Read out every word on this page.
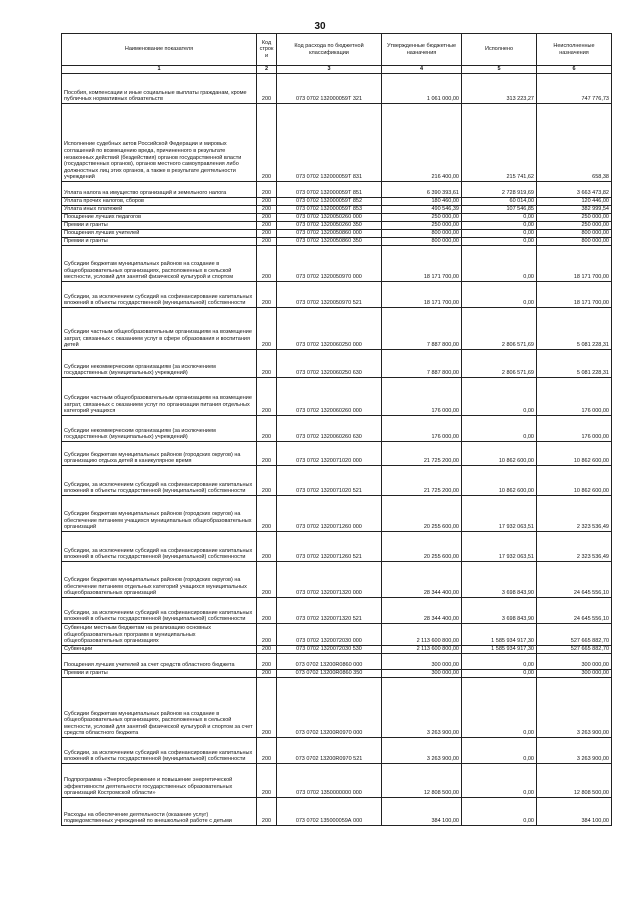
30
Наименование показателя	Код строк и	Код расхода по бюджетной классификации	Утвержденные бюджетные назначения	Исполнено	Неисполненные назначения
1	2	3	4	5	6
Пособия, компенсации и иные социальные выплаты гражданам, кроме публичных нормативных обязательств	200	073 0702 132000059Т 321	1 061 000,00	313 223,27	747 776,73
Исполнение судебных актов Российской Федерации и мировых соглашений по возмещению вреда, причиненного в результате незаконных действий (бездействия) органов государственной власти (государственных органов), органов местного самоуправления либо должностных лиц этих органов, а также в результате деятельности учреждений	200	073 0702 132000059Т 831	216 400,00	215 741,62	658,38
Уплата налога на имущество организаций и земельного налога	200	073 0702 132000059Т 851	6 390 393,61	2 728 919,69	3 663 473,82
Уплата прочих налогов, сборов	200	073 0702 132000059Т 852	180 460,00	60 014,00	120 446,00
Уплата иных платежей	200	073 0702 132000059Т 853	490 546,39	107 546,85	382 999,54
Поощрение лучших педагогов	200	073 0702 1320050260 000	250 000,00	0,00	250 000,00
Премии и гранты	200	073 0702 1320050260 350	250 000,00	0,00	250 000,00
Поощрения лучших учителей	200	073 0702 1320050860 000	800 000,00	0,00	800 000,00
Премии и гранты	200	073 0702 1320050860 350	800 000,00	0,00	800 000,00
Субсидии бюджетам муниципальных районов на создание в общеобразовательных организациях, расположенных в сельской местности, условий для занятий физической культурой и спортом	200	073 0702 1320050970 000	18 171 700,00	0,00	18 171 700,00
Субсидии, за исключением субсидий на софинансирование капитальных вложений в объекты государственной (муниципальной) собственности	200	073 0702 1320050970 521	18 171 700,00	0,00	18 171 700,00
Субсидии частным общеобразовательным организациям на возмещение затрат, связанных с оказанием услуг в сфере образования и воспитания детей	200	073 0702 1320060250 000	7 887 800,00	2 806 571,69	5 081 228,31
Субсидии некоммерческим организациям (за исключением государственных (муниципальных) учреждений)	200	073 0702 1320060250 630	7 887 800,00	2 806 571,69	5 081 228,31
Субсидии частным общеобразовательным организациям на возмещение затрат, связанных с оказанием услуг по организации питания отдельных категорий учащихся	200	073 0702 1320060260 000	176 000,00	0,00	176 000,00
Субсидии некоммерческим организациям (за исключением государственных (муниципальных) учреждений)	200	073 0702 1320060260 630	176 000,00	0,00	176 000,00
Субсидии бюджетам муниципальных районов (городских округов) на организацию отдыха детей в каникулярное время	200	073 0702 1320071020 000	21 725 200,00	10 862 600,00	10 862 600,00
Субсидии, за исключением субсидий на софинансирование капитальных вложений в объекты государственной (муниципальной) собственности	200	073 0702 1320071020 521	21 725 200,00	10 862 600,00	10 862 600,00
Субсидии бюджетам муниципальных районов (городских округов) на обеспечение питанием учащихся муниципальных общеобразовательных организаций	200	073 0702 1320071260 000	20 255 600,00	17 932 063,51	2 323 536,49
Субсидии, за исключением субсидий на софинансирование капитальных вложений в объекты государственной (муниципальной) собственности	200	073 0702 1320071260 521	20 255 600,00	17 932 063,51	2 323 536,49
Субсидии бюджетам муниципальных районов (городских округов) на обеспечение питанием отдельных категорий учащихся муниципальных общеобразовательных организаций	200	073 0702 1320071320 000	28 344 400,00	3 698 843,90	24 645 556,10
Субсидии, за исключением субсидий на софинансирование капитальных вложений в объекты государственной (муниципальной) собственности	200	073 0702 1320071320 521	28 344 400,00	3 698 843,90	24 645 556,10
Субвенции местным бюджетам на реализацию основных общеобразовательных программ в муниципальных общеобразовательных организациях	200	073 0702 1320072030 000	2 113 600 800,00	1 585 934 917,30	527 665 882,70
Субвенции	200	073 0702 1320072030 530	2 113 600 800,00	1 585 934 917,30	527 665 882,70
Поощрения лучших учителей за счет средств областного бюджета	200	073 0702 13200R0860 000	300 000,00	0,00	300 000,00
Премии и гранты	200	073 0702 13200R0860 350	300 000,00	0,00	300 000,00
Субсидии бюджетам муниципальных районов на создание в общеобразовательных организациях, расположенных в сельской местности, условий для занятий физической культурой и спортом за счет средств областного бюджета	200	073 0702 13200R0970 000	3 263 900,00	0,00	3 263 900,00
Субсидии, за исключением субсидий на софинансирование капитальных вложений в объекты государственной (муниципальной) собственности	200	073 0702 13200R0970 521	3 263 900,00	0,00	3 263 900,00
Подпрограмма «Энергосбережение и повышение энергетической эффективности деятельности государственных образовательных организаций Костромской области»	200	073 0702 1350000000 000	12 808 500,00	0,00	12 808 500,00
Расходы на обеспечение деятельности (оказание услуг) подведомственных учреждений по внешкольной работе с детьми	200	073 0702 135000059А 000	384 100,00	0,00	384 100,00
